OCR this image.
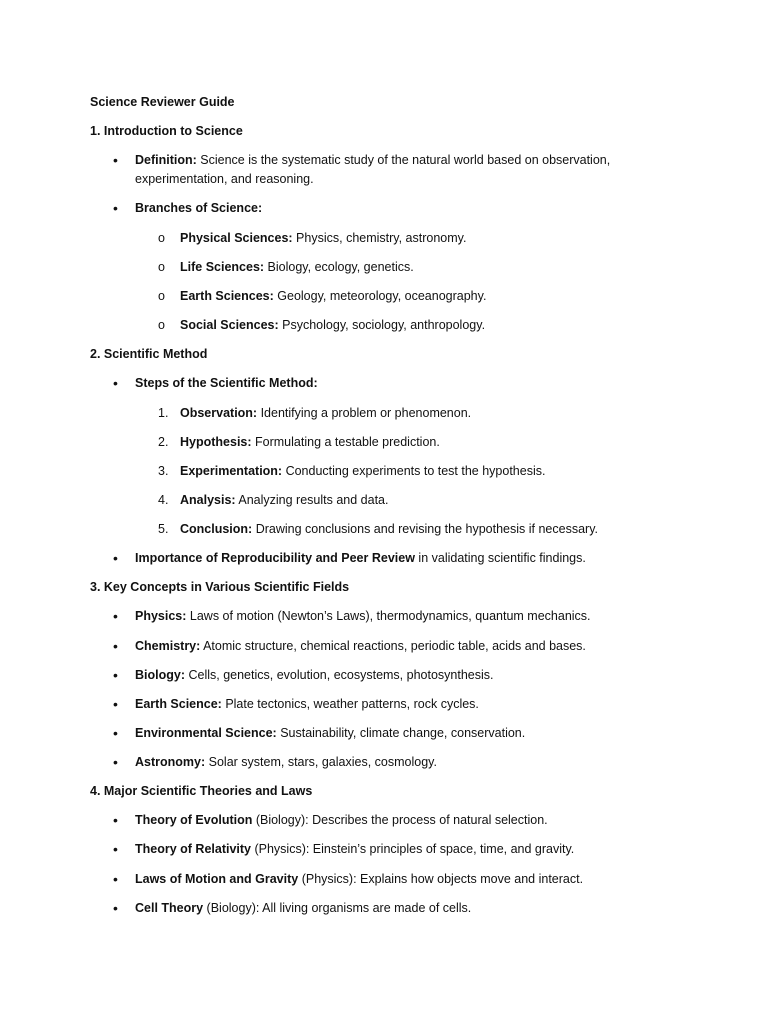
Science Reviewer Guide
1. Introduction to Science
• Definition: Science is the systematic study of the natural world based on observation,
experimentation, and reasoning.
• Branches of Science:
o Physical Sciences: Physics, chemistry, astronomy.
o Life Sciences: Biology, ecology, genetics.
o Earth Sciences: Geology, meteorology, oceanography.
o Social Sciences: Psychology, sociology, anthropology.
2. Scientific Method
• Steps of the Scientific Method:
1. Observation: Identifying a problem or phenomenon.
2. Hypothesis: Formulating a testable prediction.
3. Experimentation: Conducting experiments to test the hypothesis.
4. Analysis: Analyzing results and data.
5. Conclusion: Drawing conclusions and revising the hypothesis if necessary.
• Importance of Reproducibility and Peer Review in validating scientific findings.
3. Key Concepts in Various Scientific Fields
• Physics: Laws of motion (Newton’s Laws), thermodynamics, quantum mechanics.
• Chemistry: Atomic structure, chemical reactions, periodic table, acids and bases.
• Biology: Cells, genetics, evolution, ecosystems, photosynthesis.
• Earth Science: Plate tectonics, weather patterns, rock cycles.
• Environmental Science: Sustainability, climate change, conservation.
• Astronomy: Solar system, stars, galaxies, cosmology.
4. Major Scientific Theories and Laws
• Theory of Evolution (Biology): Describes the process of natural selection.
• Theory of Relativity (Physics): Einstein’s principles of space, time, and gravity.
• Laws of Motion and Gravity (Physics): Explains how objects move and interact.
• Cell Theory (Biology): All living organisms are made of cells.
